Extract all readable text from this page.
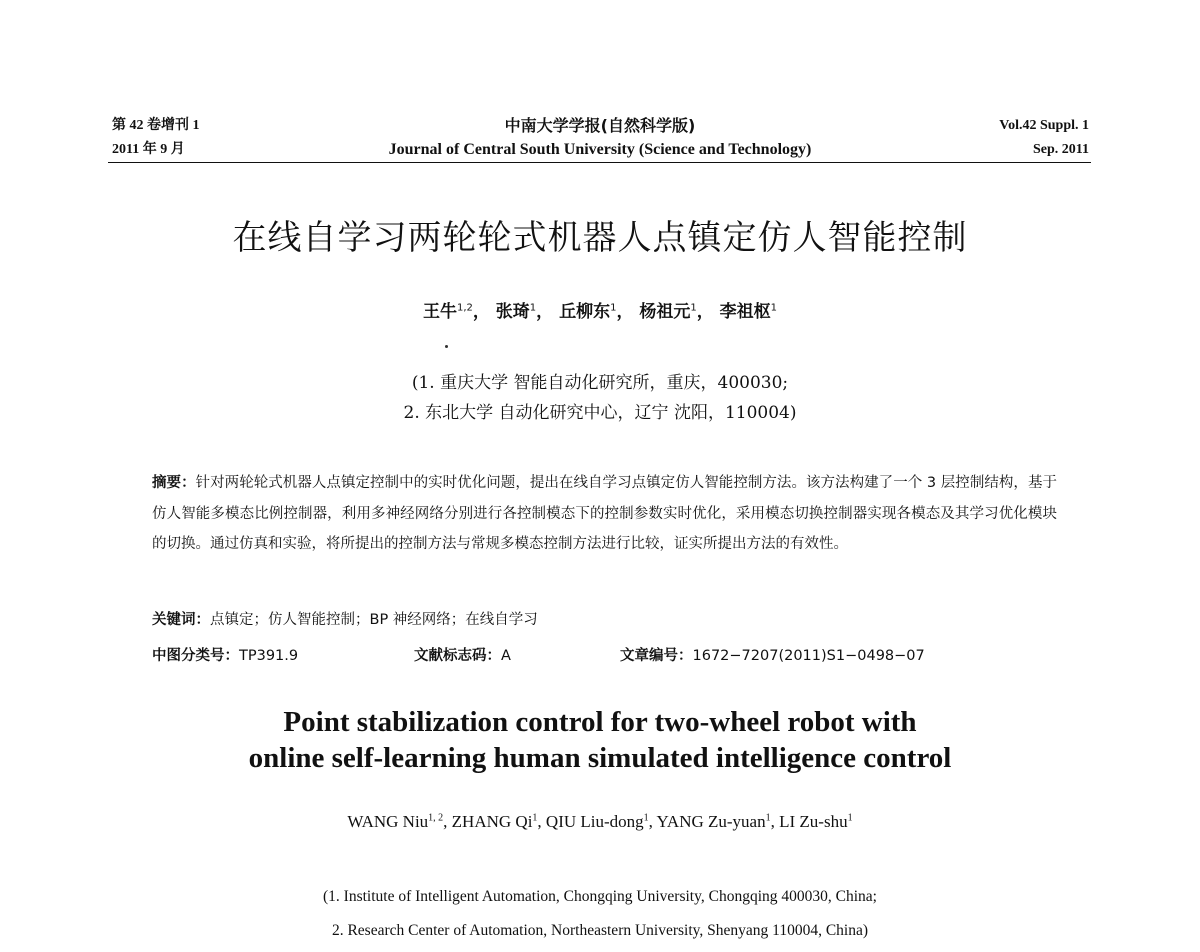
第 42 卷增刊 1
2011 年 9 月
中南大学学报(自然科学版)
Journal of Central South University (Science and Technology)
Vol.42 Suppl. 1
Sep. 2011
在线自学习两轮轮式机器人点镇定仿人智能控制
王牛$^{1,2}$， 张琦$^1$， 丘柳东$^1$， 杨祖元$^1$， 李祖枢$^1$
(1. 重庆大学 智能自动化研究所，重庆，400030;
2. 东北大学 自动化研究中心，辽宁 沈阳，110004)
摘要：针对两轮轮式机器人点镇定控制中的实时优化问题，提出在线自学习点镇定仿人智能控制方法。该方法构建了一个 3 层控制结构，基于仿人智能多模态比例控制器，利用多神经网络分别进行各控制模态下的控制参数实时优化，采用模态切换控制器实现各模态及其学习优化模块的切换。通过仿真和实验，将所提出的控制方法与常规多模态控制方法进行比较，证实所提出方法的有效性。
关键词：点镇定；仿人智能控制；BP 神经网络；在线自学习
中图分类号：TP391.9	文献标志码：A	文章编号：1672−7207(2011)S1−0498−07
Point stabilization control for two-wheel robot with
online self-learning human simulated intelligence control
WANG Niu$^{1, 2}$, ZHANG Qi$^1$, QIU Liu-dong$^1$, YANG Zu-yuan$^1$, LI Zu-shu$^1$
(1. Institute of Intelligent Automation, Chongqing University, Chongqing 400030, China;
2. Research Center of Automation, Northeastern University, Shenyang 110004, China)
